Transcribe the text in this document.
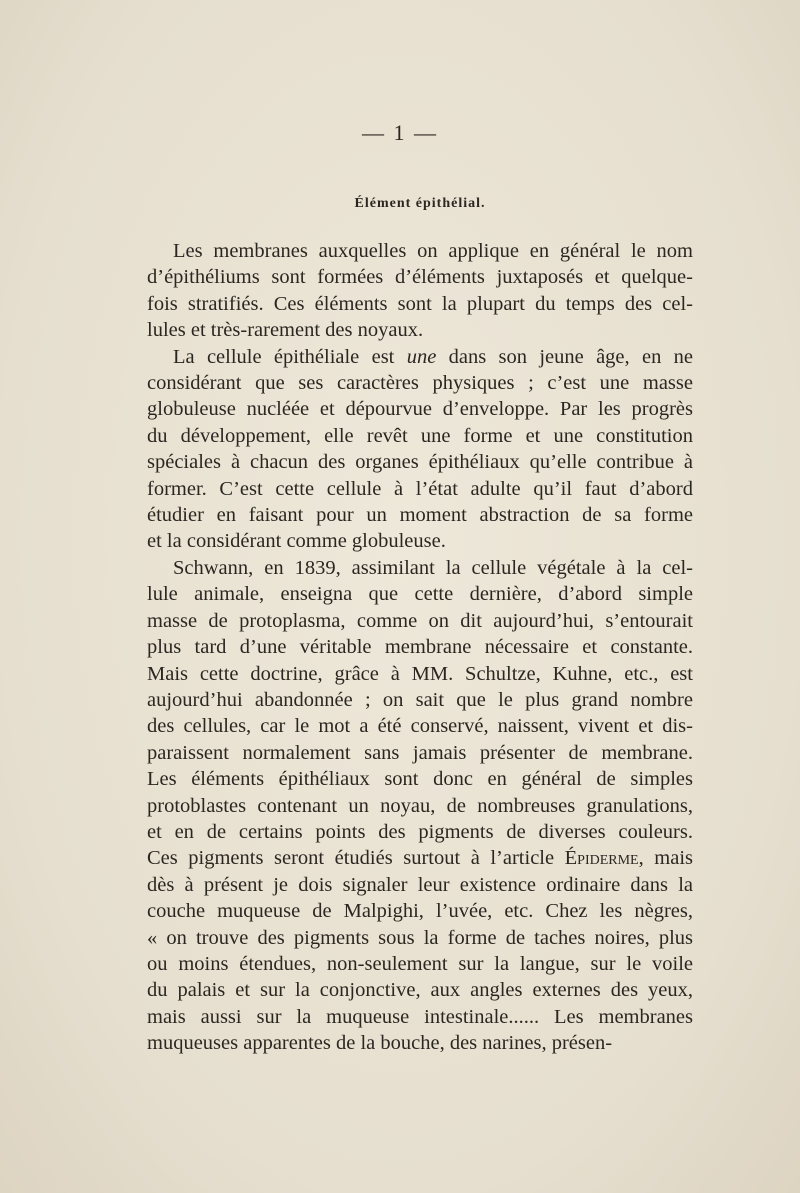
— 1 —
Élément épithélial.
Les membranes auxquelles on applique en général le nom
d’épithéliums sont formées d’éléments juxtaposés et quelque-
fois stratifiés. Ces éléments sont la plupart du temps des cel-
lules et très-rarement des noyaux.
La cellule épithéliale est une dans son jeune âge, en ne
considérant que ses caractères physiques ; c’est une masse
globuleuse nucléée et dépourvue d’enveloppe. Par les progrès
du développement, elle revêt une forme et une constitution
spéciales à chacun des organes épithéliaux qu’elle contribue à
former. C’est cette cellule à l’état adulte qu’il faut d’abord
étudier en faisant pour un moment abstraction de sa forme
et la considérant comme globuleuse.
Schwann, en 1839, assimilant la cellule végétale à la cel-
lule animale, enseigna que cette dernière, d’abord simple
masse de protoplasma, comme on dit aujourd’hui, s’entourait
plus tard d’une véritable membrane nécessaire et constante.
Mais cette doctrine, grâce à MM. Schultze, Kuhne, etc., est
aujourd’hui abandonnée ; on sait que le plus grand nombre
des cellules, car le mot a été conservé, naissent, vivent et dis-
paraissent normalement sans jamais présenter de membrane.
Les éléments épithéliaux sont donc en général de simples
protoblastes contenant un noyau, de nombreuses granulations,
et en de certains points des pigments de diverses couleurs.
Ces pigments seront étudiés surtout à l’article Épiderme, mais
dès à présent je dois signaler leur existence ordinaire dans la
couche muqueuse de Malpighi, l’uvée, etc. Chez les nègres,
« on trouve des pigments sous la forme de taches noires, plus
ou moins étendues, non-seulement sur la langue, sur le voile
du palais et sur la conjonctive, aux angles externes des yeux,
mais aussi sur la muqueuse intestinale...... Les membranes
muqueuses apparentes de la bouche, des narines, présen-
